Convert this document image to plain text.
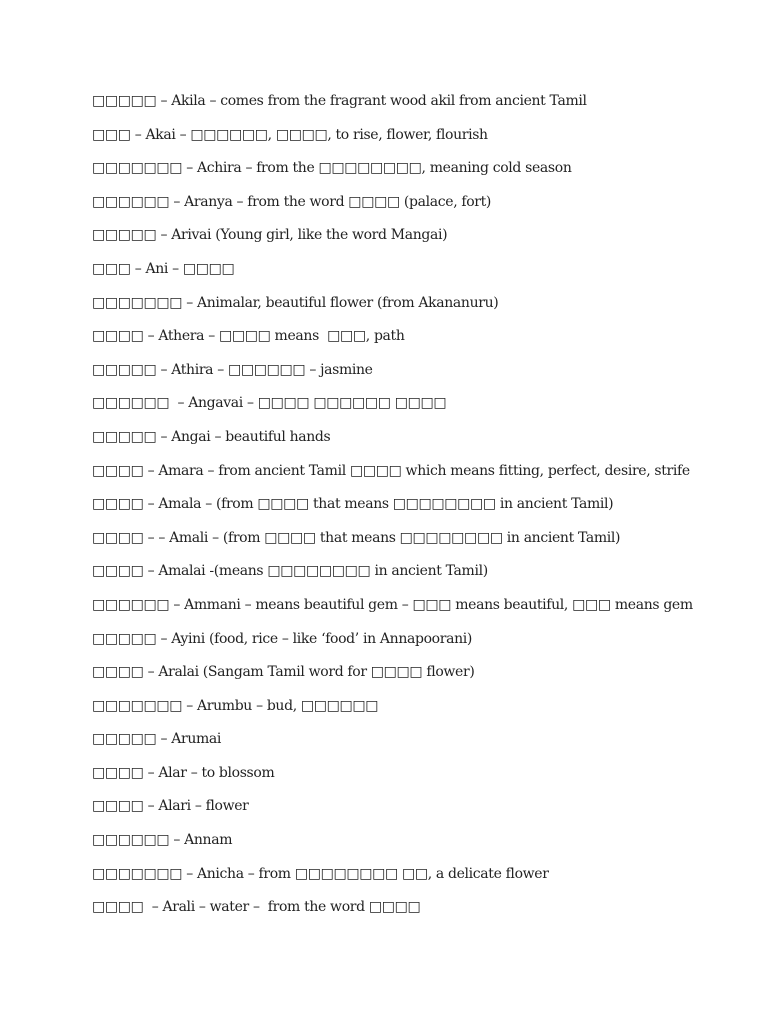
□□□□□ – Akila – comes from the fragrant wood akil from ancient Tamil
□□□ – Akai – □□□□□□, □□□□, to rise, flower, flourish
□□□□□□□ – Achira – from the □□□□□□□□, meaning cold season
□□□□□□ – Aranya – from the word □□□□ (palace, fort)
□□□□□ – Arivai (Young girl, like the word Mangai)
□□□ – Ani – □□□□
□□□□□□□ – Animalar, beautiful flower (from Akananuru)
□□□□ – Athera – □□□□ means  □□□, path
□□□□□ – Athira – □□□□□□ – jasmine
□□□□□□  – Angavai – □□□□ □□□□□□ □□□□
□□□□□ – Angai – beautiful hands
□□□□ – Amara – from ancient Tamil □□□□ which means fitting, perfect, desire, strife
□□□□ – Amala – (from □□□□ that means □□□□□□□□ in ancient Tamil)
□□□□ – – Amali – (from □□□□ that means □□□□□□□□ in ancient Tamil)
□□□□ – Amalai -(means □□□□□□□□ in ancient Tamil)
□□□□□□ – Ammani – means beautiful gem – □□□ means beautiful, □□□ means gem
□□□□□ – Ayini (food, rice – like ‘food’ in Annapoorani)
□□□□ – Aralai (Sangam Tamil word for □□□□ flower)
□□□□□□□ – Arumbu – bud, □□□□□□
□□□□□ – Arumai
□□□□ – Alar – to blossom
□□□□ – Alari – flower
□□□□□□ – Annam
□□□□□□□ – Anicha – from □□□□□□□□ □□, a delicate flower
□□□□  – Arali – water –  from the word □□□□
